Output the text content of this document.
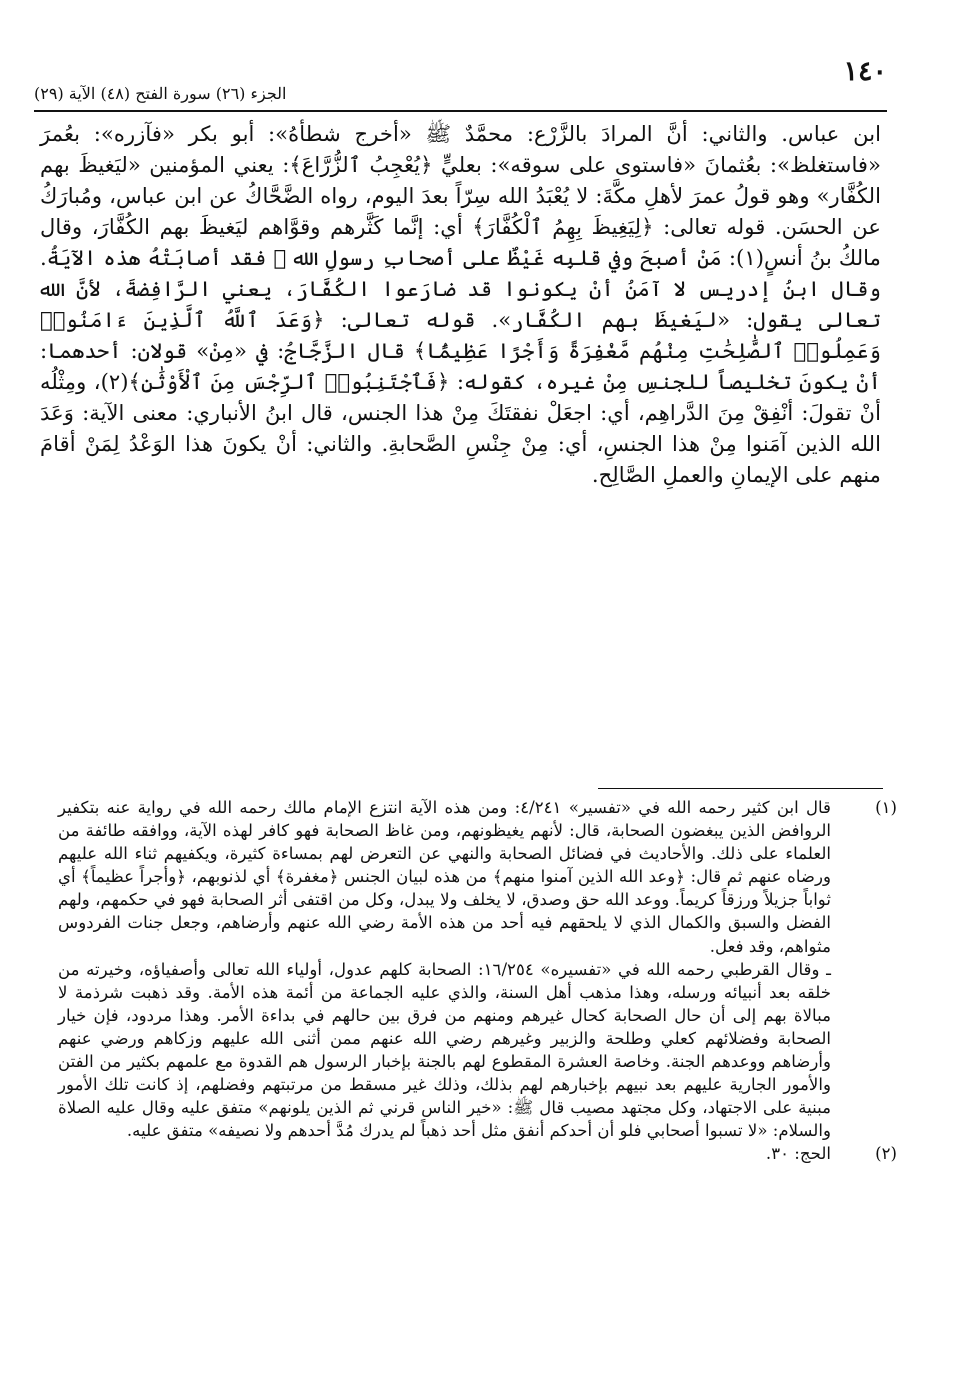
١٤٠
الجزء (٢٦) سورة الفتح (٤٨) الآية (٢٩)

ابن عباس. والثاني: أنَّ المرادَ بالزَّرْع: محمَّدٌ ﷺ «أخرج شطأهُ»: أبو بكر «فآزره»: بعُمرَ «فاستغلظ»: بعُثمانَ «فاستوى على سوقه»: بعليٍّ ﴿يُعْجِبُ ٱلزُّرَّاعَ﴾: يعني المؤمنين «ليَغيظَ بهم الكُفَّار» وهو قولُ عمرَ لأهلِ مكَّةَ: لا يُعْبَدُ الله سِرّاً بعدَ اليوم، رواه الضَّحَّاكُ عن ابن عباس، ومُبارَكُ عن الحسَن. قوله تعالى: ﴿لِيَغِيظَ بِهِمُ ٱلْكُفَّارَ﴾ أي: إنَّما كَثَّرهم وقوَّاهم ليَغيظَ بهم الكُفَّارَ، وقال مالكُ بنُ أنسٍ(١): مَنْ أصبحَ وفي قلبِه غَيْظٌ على أصحابِ رسولِ الله ﷺ فقد أصابَتْهُ هذه الآيَةُ. وقال ابنُ إدريس لا آمَنُ أنْ يكونوا قد ضارَعوا الكُفَّارَ، يعني الرَّافِضةَ، لأنَّ الله تعالى يقول: «ليَغيظَ بهم الكُفَّار». قوله تعالى: ﴿وَعَدَ ٱللَّهُ ٱلَّذِينَ ءَامَنُوا۟ وَعَمِلُوا۟ ٱلصَّٰلِحَٰتِ مِنْهُم مَّغْفِرَةً وَأَجْرًا عَظِيمًۢا﴾ قال الزَّجَّاجُ: في «مِنْ» قولان: أحدهما: أنْ يكونَ تخليصاً للجنسِ مِنْ غيره، كقوله: ﴿فَٱجْتَنِبُوا۟ ٱلرِّجْسَ مِنَ ٱلْأَوْثَٰنِ﴾(٢)، ومِثْلُه أنْ تقولَ: أنْفِقْ مِنَ الدَّراهِم، أي: اجعَلْ نفقتَكَ مِنْ هذا الجنس، قال ابنُ الأنباري: معنى الآية: وَعَدَ الله الذين آمَنوا مِنْ هذا الجنسِ، أي: مِنْ جِنْسِ الصَّحابةِ. والثاني: أنْ يكونَ هذا الوَعْدُ لِمَنْ أقامَ منهم على الإيمانِ والعملِ الصَّالِح.

(١)

قال ابن كثير رحمه الله في «تفسير» ٤/٢٤١: ومن هذه الآية انتزع الإمام مالك رحمه الله في رواية عنه بتكفير الروافض الذين يبغضون الصحابة، قال: لأنهم يغيظونهم، ومن غاظ الصحابة فهو كافر لهذه الآية، ووافقه طائفة من العلماء على ذلك. والأحاديث في فضائل الصحابة والنهي عن التعرض لهم بمساءة كثيرة، ويكفيهم ثناء الله عليهم ورضاه عنهم ثم قال: ﴿وعد الله الذين آمنوا منهم﴾ من هذه لبيان الجنس ﴿مغفرة﴾ أي لذنوبهم، ﴿وأجراً عظيماً﴾ أي ثواباً جزيلاً ورزقاً كريماً. ووعد الله حق وصدق، لا يخلف ولا يبدل، وكل من اقتفى أثر الصحابة فهو في حكمهم، ولهم الفضل والسبق والكمال الذي لا يلحقهم فيه أحد من هذه الأمة رضي الله عنهم وأرضاهم، وجعل جنات الفردوس مثواهم، وقد فعل.

ـ وقال القرطبي رحمه الله في «تفسيره» ١٦/٢٥٤: الصحابة كلهم عدول، أولياء الله تعالى وأصفياؤه، وخيرته من خلقه بعد أنبيائه ورسله، وهذا مذهب أهل السنة، والذي عليه الجماعة من أئمة هذه الأمة. وقد ذهبت شرذمة لا مبالاة بهم إلى أن حال الصحابة كحال غيرهم ومنهم من فرق بين حالهم في بداءة الأمر. وهذا مردود، فإن خيار الصحابة وفضلائهم كعلي وطلحة والزبير وغيرهم رضي الله عنهم ممن أثنى الله عليهم وزكاهم ورضي عنهم وأرضاهم ووعدهم الجنة. وخاصة العشرة المقطوع لهم بالجنة بإخبار الرسول هم القدوة مع علمهم بكثير من الفتن والأمور الجارية عليهم بعد نبيهم بإخبارهم لهم بذلك، وذلك غير مسقط من مرتبتهم وفضلهم، إذ كانت تلك الأمور مبنية على الاجتهاد، وكل مجتهد مصيب قال ﷺ: «خير الناس قرني ثم الذين يلونهم» متفق عليه وقال عليه الصلاة والسلام: «لا تسبوا أصحابي فلو أن أحدكم أنفق مثل أحد ذهباً لم يدرك مُدَّ أحدهم ولا نصيفه» متفق عليه.

(٢)

الحج: ٣٠.
